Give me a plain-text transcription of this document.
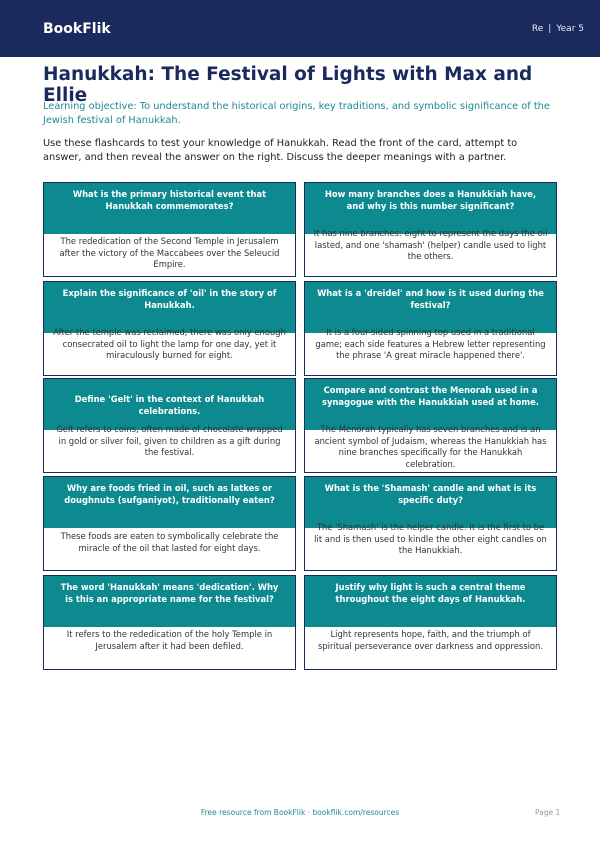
BookFlik	Re | Year 5
Hanukkah: The Festival of Lights with Max and Ellie
Learning objective: To understand the historical origins, key traditions, and symbolic significance of the Jewish festival of Hanukkah.
Use these flashcards to test your knowledge of Hanukkah. Read the front of the card, attempt to answer, and then reveal the answer on the right. Discuss the deeper meanings with a partner.
What is the primary historical event that Hanukkah commemorates?
The rededication of the Second Temple in Jerusalem after the victory of the Maccabees over the Seleucid Empire.
How many branches does a Hanukkiah have, and why is this number significant?
It has nine branches: eight to represent the days the oil lasted, and one 'shamash' (helper) candle used to light the others.
Explain the significance of 'oil' in the story of Hanukkah.
After the temple was reclaimed, there was only enough consecrated oil to light the lamp for one day, yet it miraculously burned for eight.
What is a 'dreidel' and how is it used during the festival?
It is a four-sided spinning top used in a traditional game; each side features a Hebrew letter representing the phrase 'A great miracle happened there'.
Define 'Gelt' in the context of Hanukkah celebrations.
Gelt refers to coins, often made of chocolate wrapped in gold or silver foil, given to children as a gift during the festival.
Compare and contrast the Menorah used in a synagogue with the Hanukkiah used at home.
The Menorah typically has seven branches and is an ancient symbol of Judaism, whereas the Hanukkiah has nine branches specifically for the Hanukkah celebration.
Why are foods fried in oil, such as latkes or doughnuts (sufganiyot), traditionally eaten?
These foods are eaten to symbolically celebrate the miracle of the oil that lasted for eight days.
What is the 'Shamash' candle and what is its specific duty?
The 'Shamash' is the helper candle. It is the first to be lit and is then used to kindle the other eight candles on the Hanukkiah.
The word 'Hanukkah' means 'dedication'. Why is this an appropriate name for the festival?
It refers to the rededication of the holy Temple in Jerusalem after it had been defiled.
Justify why light is such a central theme throughout the eight days of Hanukkah.
Light represents hope, faith, and the triumph of spiritual perseverance over darkness and oppression.
Free resource from BookFlik · bookflik.com/resources	Page 1
